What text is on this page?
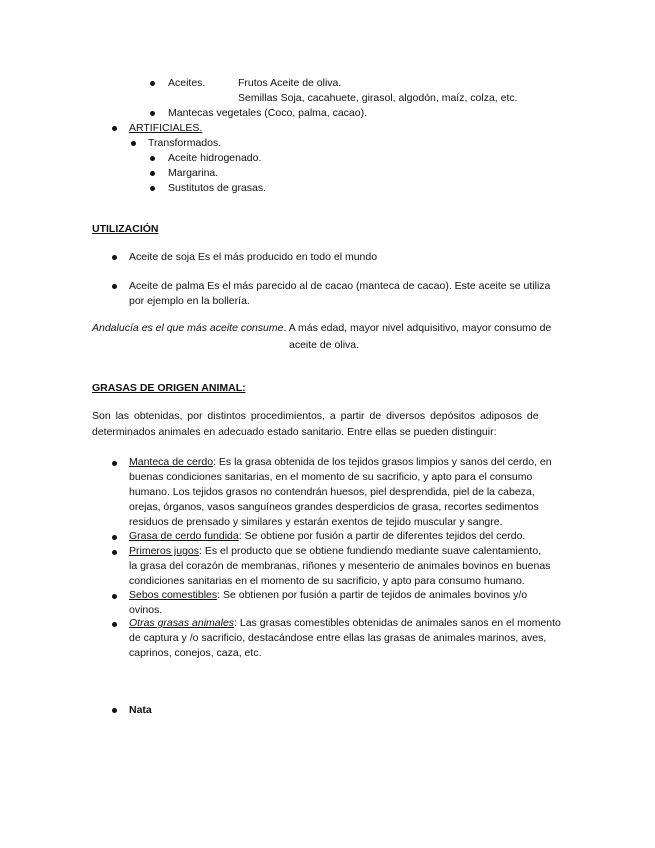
Aceites.	Frutos Aceite de oliva.
Semillas Soja, cacahuete, girasol, algodón, maíz, colza, etc.
Mantecas vegetales (Coco, palma, cacao).
ARTIFICIALES.
Transformados.
Aceite hidrogenado.
Margarina.
Sustitutos de grasas.
UTILIZACIÓN
Aceite de soja Es el más producido en todo el mundo
Aceite de palma Es el más parecido al de cacao (manteca de cacao). Este aceite se utiliza
por ejemplo en la bollería.
Andalucía es el que más aceite consume. A más edad, mayor nivel adquisitivo, mayor consumo de
aceite de oliva.
GRASAS DE ORIGEN ANIMAL:
Son las obtenidas, por distintos procedimientos, a partir de diversos depósitos adiposos de
determinados animales en adecuado estado sanitario. Entre ellas se pueden distinguir:
Manteca de cerdo: Es la grasa obtenida de los tejidos grasos limpios y sanos del cerdo, en
buenas condiciones sanitarias, en el momento de su sacrificio, y apto para el consumo
humano. Los tejidos grasos no contendrán huesos, piel desprendida, piel de la cabeza,
orejas, órganos, vasos sanguíneos grandes desperdicios de grasa, recortes sedimentos
residuos de prensado y similares y estarán exentos de tejido muscular y sangre.
Grasa de cerdo fundida: Se obtiene por fusión a partir de diferentes tejidos del cerdo.
Primeros jugos: Es el producto que se obtiene fundiendo mediante suave calentamiento,
la grasa del corazón de membranas, riñones y mesenterio de animales bovinos en buenas
condiciones sanitarias en el momento de su sacrificio, y apto para consumo humano.
Sebos comestibles: Se obtienen por fusión a partir de tejidos de animales bovinos y/o
ovinos.
Otras grasas animales: Las grasas comestibles obtenidas de animales sanos en el momento
de captura y /o sacrificio, destacándose entre ellas las grasas de animales marinos, aves,
caprinos, conejos, caza, etc.
Nata
